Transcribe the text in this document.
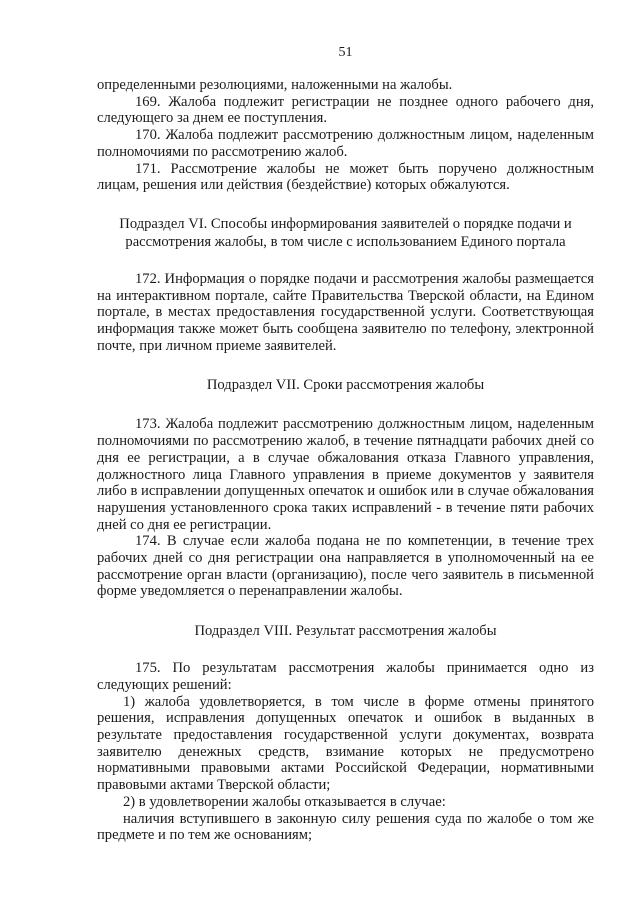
51

определенными резолюциями, наложенными на жалобы.

169. Жалоба подлежит регистрации не позднее одного рабочего дня, следующего за днем ее поступления.

170. Жалоба подлежит рассмотрению должностным лицом, наделенным полномочиями по рассмотрению жалоб.

171. Рассмотрение жалобы не может быть поручено должностным лицам, решения или действия (бездействие) которых обжалуются.

Подраздел VI. Способы информирования заявителей о порядке подачи и рассмотрения жалобы, в том числе с использованием Единого портала

172. Информация о порядке подачи и рассмотрения жалобы размещается на интерактивном портале, сайте Правительства Тверской области, на Едином портале, в местах предоставления государственной услуги. Соответствующая информация также может быть сообщена заявителю по телефону, электронной почте, при личном приеме заявителей.

Подраздел VII. Сроки рассмотрения жалобы

173. Жалоба подлежит рассмотрению должностным лицом, наделенным полномочиями по рассмотрению жалоб, в течение пятнадцати рабочих дней со дня ее регистрации, а в случае обжалования отказа Главного управления, должностного лица Главного управления в приеме документов у заявителя либо в исправлении допущенных опечаток и ошибок или в случае обжалования нарушения установленного срока таких исправлений - в течение пяти рабочих дней со дня ее регистрации.

174. В случае если жалоба подана не по компетенции, в течение трех рабочих дней со дня регистрации она направляется в уполномоченный на ее рассмотрение орган власти (организацию), после чего заявитель в письменной форме уведомляется о перенаправлении жалобы.

Подраздел VIII. Результат рассмотрения жалобы

175. По результатам рассмотрения жалобы принимается одно из следующих решений:

1) жалоба удовлетворяется, в том числе в форме отмены принятого решения, исправления допущенных опечаток и ошибок в выданных в результате предоставления государственной услуги документах, возврата заявителю денежных средств, взимание которых не предусмотрено нормативными правовыми актами Российской Федерации, нормативными правовыми актами Тверской области;

2) в удовлетворении жалобы отказывается в случае:

наличия вступившего в законную силу решения суда по жалобе о том же предмете и по тем же основаниям;
